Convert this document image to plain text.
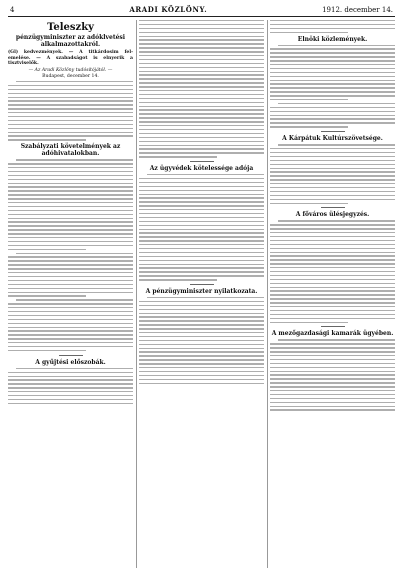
4	ARADI KÖZLÖNY.	1912. december 14.
Teleszky
pénzügyminiszter az adóklvetési alkalmazottakról.
(Gl) kedvezmények. — A titkárdosim fel- emelése. — A szabadságot is elnyerik a tisztviselők.
— Az Aradi Közlöny tudósítójától. —
Budapest, december 14.
Szabályzati követelmények az adóhivatalokban.
A gyűjtési előszobák.
Az ügyvédek kötelessége adója
A pénzügyminiszter nyilatkozata.
Elnöki közlemények.
A Kárpátuk Kultúrszövetsége.
A főváros ülésjegyzés.
A mezőgazdasági kamarák ügyében.
